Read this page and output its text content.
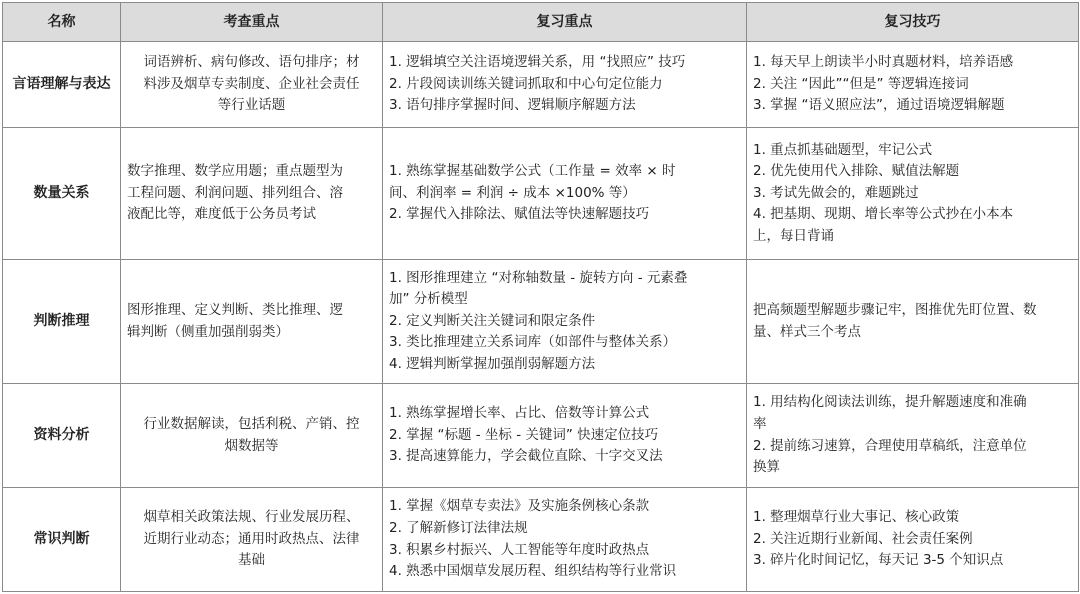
名称	考查重点	复习重点	复习技巧
言语理解与表达	词语辨析、病句修改、语句排序；材
料涉及烟草专卖制度、企业社会责任
等行业话题	1. 逻辑填空关注语境逻辑关系，用 “找照应” 技巧
2. 片段阅读训练关键词抓取和中心句定位能力
3. 语句排序掌握时间、逻辑顺序解题方法	1. 每天早上朗读半小时真题材料，培养语感
2. 关注 “因此”“但是” 等逻辑连接词
3. 掌握 “语义照应法”，通过语境逻辑解题

数量关系	数字推理、数学应用题；重点题型为
工程问题、利润问题、排列组合、溶
液配比等，难度低于公务员考试	1. 熟练掌握基础数学公式（工作量 = 效率 × 时
间、利润率 = 利润 ÷ 成本 ×100% 等）
2. 掌握代入排除法、赋值法等快速解题技巧	1. 重点抓基础题型，牢记公式
2. 优先使用代入排除、赋值法解题
3. 考试先做会的，难题跳过
4. 把基期、现期、增长率等公式抄在小本本
上，每日背诵

判断推理	图形推理、定义判断、类比推理、逻
辑判断（侧重加强削弱类）	1. 图形推理建立 “对称轴数量 - 旋转方向 - 元素叠
加” 分析模型
2. 定义判断关注关键词和限定条件
3. 类比推理建立关系词库（如部件与整体关系）
4. 逻辑判断掌握加强削弱解题方法	把高频题型解题步骤记牢，图推优先盯位置、数
量、样式三个考点

资料分析	行业数据解读，包括利税、产销、控
烟数据等	1. 熟练掌握增长率、占比、倍数等计算公式
2. 掌握 “标题 - 坐标 - 关键词” 快速定位技巧
3. 提高速算能力，学会截位直除、十字交叉法	1. 用结构化阅读法训练，提升解题速度和准确
率
2. 提前练习速算，合理使用草稿纸，注意单位
换算

常识判断	烟草相关政策法规、行业发展历程、
近期行业动态；通用时政热点、法律
基础	1. 掌握《烟草专卖法》及实施条例核心条款
2. 了解新修订法律法规
3. 积累乡村振兴、人工智能等年度时政热点
4. 熟悉中国烟草发展历程、组织结构等行业常识	1. 整理烟草行业大事记、核心政策
2. 关注近期行业新闻、社会责任案例
3. 碎片化时间记忆，每天记 3-5 个知识点
